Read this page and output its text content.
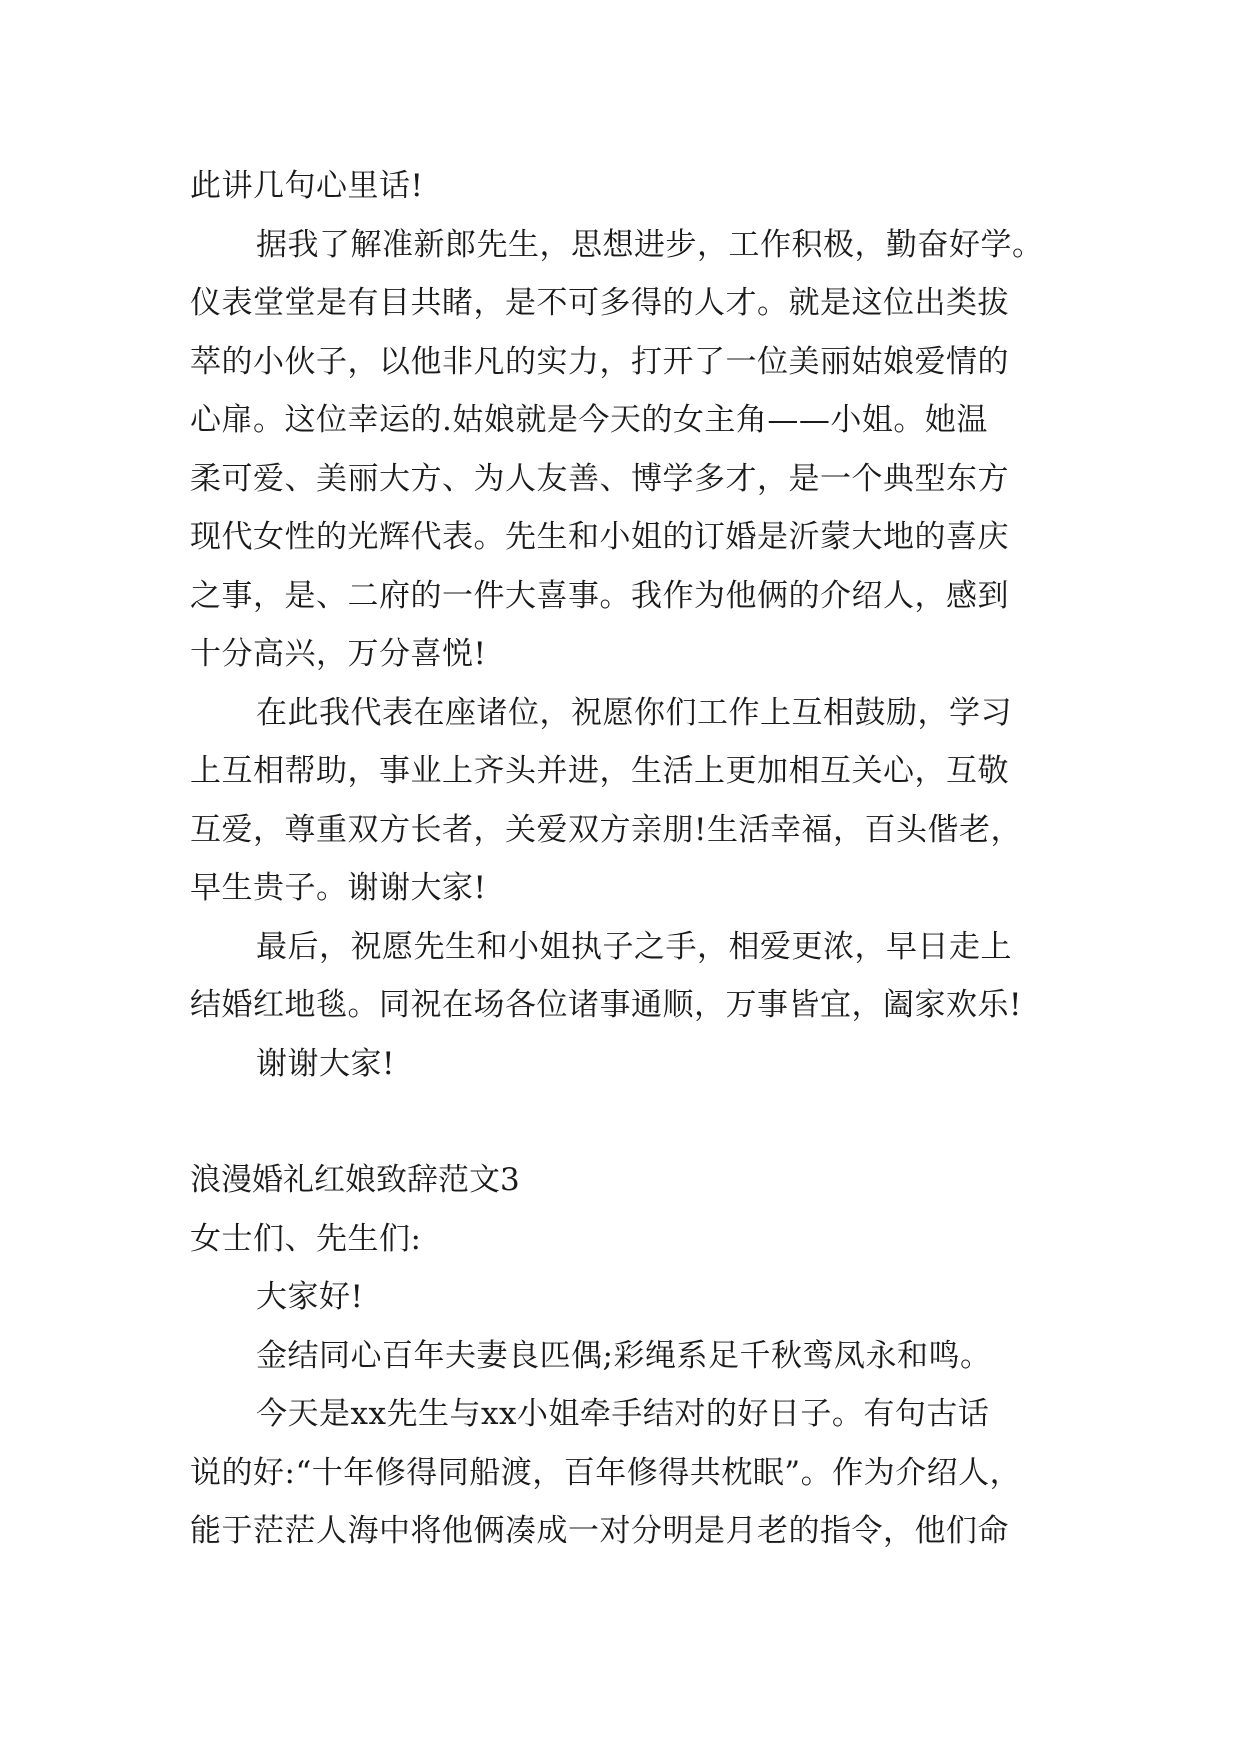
此讲几句心里话!
据我了解准新郎先生，思想进步，工作积极，勤奋好学。
仪表堂堂是有目共睹，是不可多得的人才。就是这位出类拔
萃的小伙子，以他非凡的实力，打开了一位美丽姑娘爱情的
心扉。这位幸运的.姑娘就是今天的女主角——小姐。她温
柔可爱、美丽大方、为人友善、博学多才，是一个典型东方
现代女性的光辉代表。先生和小姐的订婚是沂蒙大地的喜庆
之事，是、二府的一件大喜事。我作为他俩的介绍人，感到
十分高兴，万分喜悦!
在此我代表在座诸位，祝愿你们工作上互相鼓励，学习
上互相帮助，事业上齐头并进，生活上更加相互关心，互敬
互爱，尊重双方长者，关爱双方亲朋!生活幸福，百头偕老，
早生贵子。谢谢大家!
最后，祝愿先生和小姐执子之手，相爱更浓，早日走上
结婚红地毯。同祝在场各位诸事通顺，万事皆宜，阖家欢乐!
谢谢大家!
浪漫婚礼红娘致辞范文3
女士们、先生们:
大家好!
金结同心百年夫妻良匹偶;彩绳系足千秋鸾凤永和鸣。
今天是xx先生与xx小姐牵手结对的好日子。有句古话
说的好:“十年修得同船渡，百年修得共枕眠”。作为介绍人，
能于茫茫人海中将他俩凑成一对分明是月老的指令，他们命
